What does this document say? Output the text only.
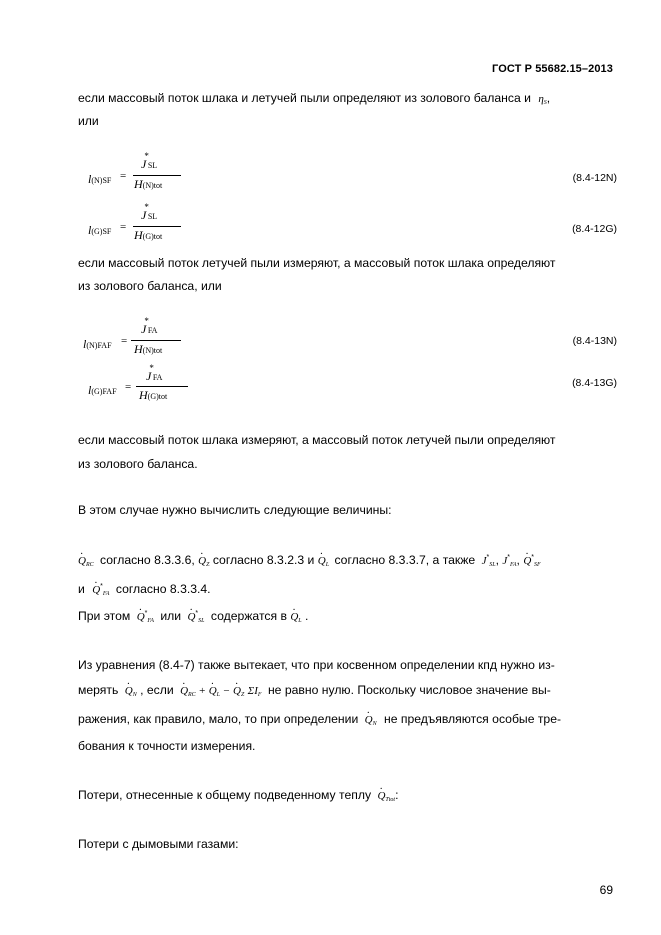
ГОСТ Р 55682.15–2013
если массовый поток шлака и летучей пыли определяют из золового баланса и $\eta_S$,
или
l(N)SF =
J*SL
H(N)tot
(8.4-12N)
l(G)SF =
J*SL
H(G)tot
(8.4-12G)
если массовый поток летучей пыли измеряют, а массовый поток шлака определяют
из золового баланса, или
l(N)FAF =
J*FA
H(N)tot
(8.4-13N)
l(G)FAF =
J*FA
H(G)tot
(8.4-13G)
если массовый поток шлака измеряют, а массовый поток летучей пыли определяют
из золового баланса.
В этом случае нужно вычислить следующие величины:
· $Q_{RC}$ согласно 8.3.3.6, · $Q_Z$ согласно 8.3.2.3 $и \cdot Q_L$ согласно 8.3.3.7, а также $J^*_{SL}$, $J^*_{FA}$, · $Q^*_{SF}$
$и \cdot Q^*_{FA}$ согласно 8.3.3.4.
При этом · $Q^*_{FA}$ или · $Q^*_{SL}$ содержатся $в \cdot Q_L$ .
Из уравнения (8.4-7) также вытекает, что при косвенном определении кпд нужно из-
мерять · $Q_N$ , если · $Q_{RC}$ + · $Q_L$ − · $Q_Z$ $\Sigma I_F$ не равно нулю. Поскольку числовое значение вы-
ражения, как правило, мало, то при определении · $Q_N$ не предъявляются особые тре-
бования к точности измерения.
Потери, отнесенные к общему подведенному теплу · $Q_{Ttot}$:
Потери с дымовыми газами:
69
